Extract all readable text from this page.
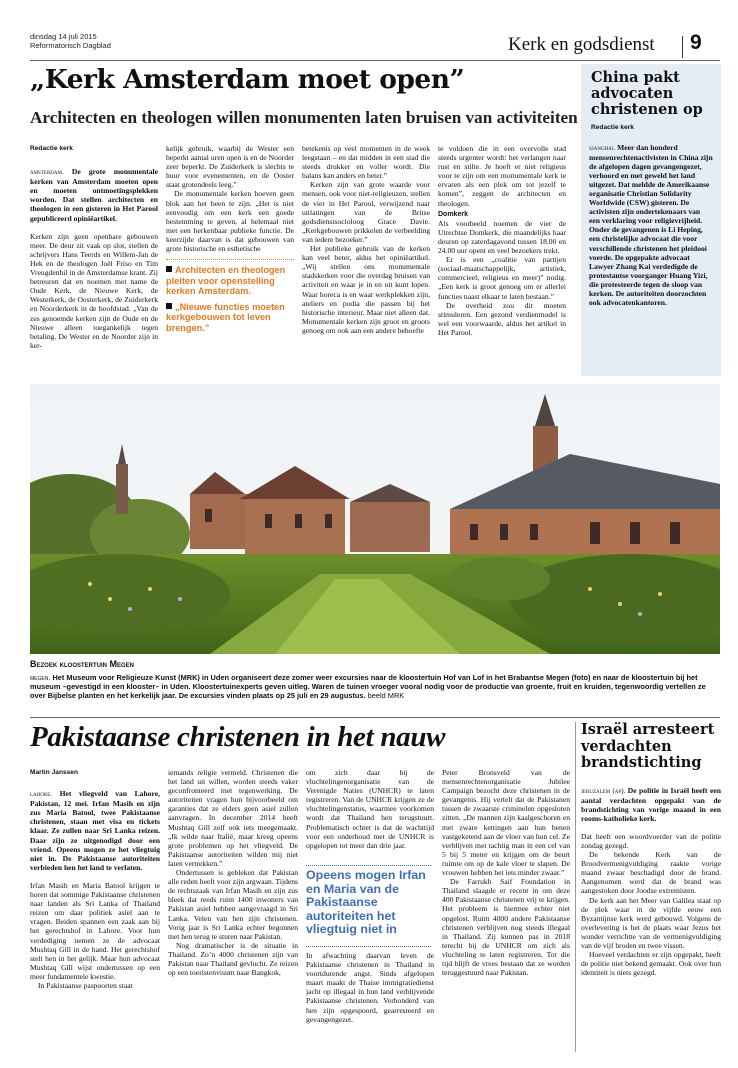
dinsdag 14 juli 2015
Reformatorisch Dagblad	Kerk en godsdienst 9
„Kerk Amsterdam moet open”
Architecten en theologen willen monumenten laten bruisen van activiteiten
Redactie kerk

amsterdam. De grote monumentale kerken van Amsterdam moeten open en moeten ontmoetingsplekken worden. Dat stellen architecten en theologen in een gisteren in Het Parool gepubliceerd opiniëartikel.

Kerken zijn geen openbare gebouwen meer. De deur zit vaak op slot, stellen de schrijvers Hans Teerds en Willem-Jan de Hek en de theologen Joël Friso en Tim Vreugdenhil in de Amsterdamse krant. Zij betreuren dat en noemen met name de Oude Kerk, de Nieuwe Kerk, de Westerkerk, de Oosterkerk, de Zuiderkerk en Noorderkerk in de hoofdstad. „Van de zes genoemde kerken zijn de Oude en de Nieuwe alleen toegankelijk tegen betaling. De Wester en de Noorder zijn in ker-

kelijk gebruik, waarbij de Wester een beperkt aantal uren open is en de Noorder zeer beperkt. De Zuiderkerk is slechts te huur voor evenementen, en de Ooster staat grotendeels leeg.”

De monumentale kerken hoeven geen blok aan het been te zijn. „Het is niet eenvoudig om een kerk een goede bestemming te geven, al helemaal niet met een herkenbaar publieke functie. De keerzijde daarvan is dat gebouwen van grote historische en esthetische

Architecten en theologen pleiten voor openstelling kerken Amsterdam.
„Nieuwe functies moeten kerkgebouwen tot leven brengen.”

betekenis op veel momenten in de week leegstaan – en dat midden in een stad die steeds drukker en voller wordt. Die balans kan anders en beter.”

Kerken zijn van grote waarde voor mensen, ook voor niet-religieuzen, stellen de vier in Het Parool, verwijzend naar uitlatingen van de Britse godsdienstsocioloog Grace Davie. „Kerkgebouwen prikkelen de verbeelding van iedere bezoeker.”

Het publieke gebruik van de kerken kan veel beter, aldus het opiniëartikel. „Wij stellen ons monumentale stadskerken voor die overdag bruisen van activiteit en waar je in en uit kunt lopen. Waar horeca is en waar werkplekken zijn, ateliers en podia die passen bij het historische interieur. Maar niet alleen dat. Monumentale kerken zijn groot en groots genoeg om ook aan een andere behoefte

te voldoen die in een overvolle stad steeds urgenter wordt: het verlangen naar rust en stilte. Je hoeft er niet religieus voor te zijn om een monumentale kerk te ervaren als een plek om tot jezelf te komen”, zeggen de architecten en theologen.

Domkerk

Als voorbeeld noemen de vier de Utrechtse Domkerk, die maandelijks haar deuren op zaterdagavond tussen 18.00 en 24.00 uur opent en veel bezoekers trekt.

Er is een „coalitie van partijen (sociaal-maatschappelijk, artistiek, commercieel, religieus en meer)” nodig. „Een kerk is groot genoeg om er allerlei functies naast elkaar te laten bestaan.”

De overheid zou dit moeten stimuleren. Een gezond verdienmodel is wel een voorwaarde, aldus het artikel in Het Parool.

China pakt advocaten christenen op
Redactie kerk
sjanghai. Meer dan honderd mensenrechtenactivisten in China zijn de afgelopen dagen gevangengezet, verhoord en met geweld het land uitgezet. Dat meldde de Amerikaanse organisatie Christian Solidarity Worldwide (CSW) gisteren. De activisten zijn ondertekenaars van een verklaring voor religievrijheid. Onder de gevangenen is Li Heping, een christelijke advocaat die voor verschillende christenen het pleidooi voerde. De opgepakte advocaat Lawyer Zhang Kai verdedigde de protestantse voorganger Huang Yizi, die protesteerde tegen de sloop van kerken. De autoriteiten doorzochten ook advocatenkantoren.
Bezoek kloostertuin Megen
megen. Het Museum voor Religieuze Kunst (MRK) in Uden organiseert deze zomer weer excursies naar de kloostertuin Hof van Lof in het Brabantse Megen (foto) en naar de kloostertuin bij het museum –gevestigd in een klooster– in Uden. Kloostertuinexperts geven uitleg. Waren de tuinen vroeger vooral nodig voor de productie van groente, fruit en kruiden, tegenwoordig vertellen ze over Bijbelse planten en het kerkelijk jaar. De excursies vinden plaats op 25 juli en 29 augustus. beeld MRK
Pakistaanse christenen in het nauw
Martin Janssen

lahore. Het vliegveld van Lahore, Pakistan, 12 mei. Irfan Masih en zijn zus Maria Batool, twee Pakistaanse christenen, staan met visa en tickets klaar. Ze zullen naar Sri Lanka reizen. Daar zijn ze uitgenodigd door een vriend. Opeens mogen ze het vliegtuig niet in. De Pakistaanse autoriteiten verbieden hen het land te verlaten.

Irfan Masih en Maria Batool krijgen te horen dat sommige Pakistaanse christenen naar landen als Sri Lanka of Thailand reizen om daar politiek asiel aan te vragen. Beiden spannen een zaak aan bij het gerechtshof in Lahore. Voor hun verdediging nemen ze de advocaat Mushtaq Gill in de hand. Het gerechtshof stelt hen in het gelijk. Maar hun advocaat Mushtaq Gill wijst ondertussen op een meer fundamentele kwestie.

In Pakistaanse paspoorten staat

iemands religie vermeld. Christenen die het land uit willen, worden steeds vaker geconfronteerd met tegenwerking. De autoriteiten vragen hun bijvoorbeeld om garanties dat ze elders geen asiel zullen aanvragen. In december 2014 heeft Mushtaq Gill zelf ook iets meegemaakt. „Ik wilde naar Italië, maar kreeg opeens grote problemen op het vliegveld. De Pakistaanse autoriteiten wilden mij niet laten vertrekken.”

Ondertussen is gebleken dat Pakistan alle reden heeft voor zijn argwaan. Tijdens de rechtszaak van Irfan Masih en zijn zus bleek dat reeds ruim 1400 inwoners van Pakistan asiel hebben aangevraagd in Sri Lanka. Velen van hen zijn christenen. Vorig jaar is Sri Lanka echter begonnen met hen terug te sturen naar Pakistan.

Nog dramatischer is de situatie in Thailand. Zo’n 4000 christenen zijn van Pakistan naar Thailand gevlucht. Ze reizen op een toeristenvisum naar Bangkok,

om zich daar bij de vluchtelingenorganisatie van de Verenigde Naties (UNHCR) te laten registreren. Van de UNHCR krijgen ze de vluchtelingenstatus, waarmee voorkomen wordt dat Thailand hen terugstuurt. Problematisch echter is dat de wachttijd voor een onderhoud met de UNHCR is opgelopen tot meer dan drie jaar.

Opeens mogen Irfan en Maria van de Pakistaanse autoriteiten het vliegtuig niet in

In afwachting daarvan leven de Pakistaanse christenen in Thailand in voortdurende angst. Sinds afgelopen maart maakt de Thaise immigratiedienst jacht op illegaal in hun land verblijvende Pakistaanse christenen. Verhonderd van hen zijn opgespoord, gearresteerd en gevangengezet.

Peter Bronsveld van de mensenrechtenorganisatie Jubilee Campaign bezocht deze christenen in de gevangenis. Hij vertelt dat de Pakistanen tussen de zwaarste criminelen opgesloten zitten. „De mannen zijn kaalgeschoren en met zware kettingen aan hun benen vastgeketend aan de vloer van hun cel. Ze verblijven met tachtig man in een cel van 5 bij 5 meter en krijgen om de beurt ruimte om op de kale vloer te slapen. De vrouwen hebben het iets minder zwaar.”

De Farrukh Saif Foundation in Thailand slaagde er recent in om deze 400 Pakistaanse christenen vrij te krijgen. Het probleem is hiermee echter niet opgelost. Ruim 4000 andere Pakistaanse christenen verblijven nog steeds illegaal in Thailand. Zij kunnen pas in 2018 terecht bij de UNHCR om zich als vluchteling te laten registreren. Tot die tijd blijft de vrees bestaan dat ze worden teruggestuurd naar Pakistan.

Israël arresteert verdachten brandstichting

jeruzalem (ap). De politie in Israël heeft een aantal verdachten opgepakt van de brandstichting van vorige maand in een rooms-katholieke kerk.

Dat heeft een woordvoerder van de politie zondag gezegd.

De bekende Kerk van de Broodvermenigvuldiging raakte vorige maand zwaar beschadigd door de brand. Aangenomen werd dat de brand was aangestoken door Joodse extremisten.

De kerk aan het Meer van Galilea staat op de plek waar in de vijfde eeuw een Byzantijnse kerk werd gebouwd. Volgens de overlevering is het de plaats waar Jezus het wonder verrichtte van de vermenigvuldiging van de vijf broden en twee vissen.

Hoeveel verdachten er zijn opgepakt, heeft de politie niet bekend gemaakt. Ook over hun identiteit is niets gezegd.
